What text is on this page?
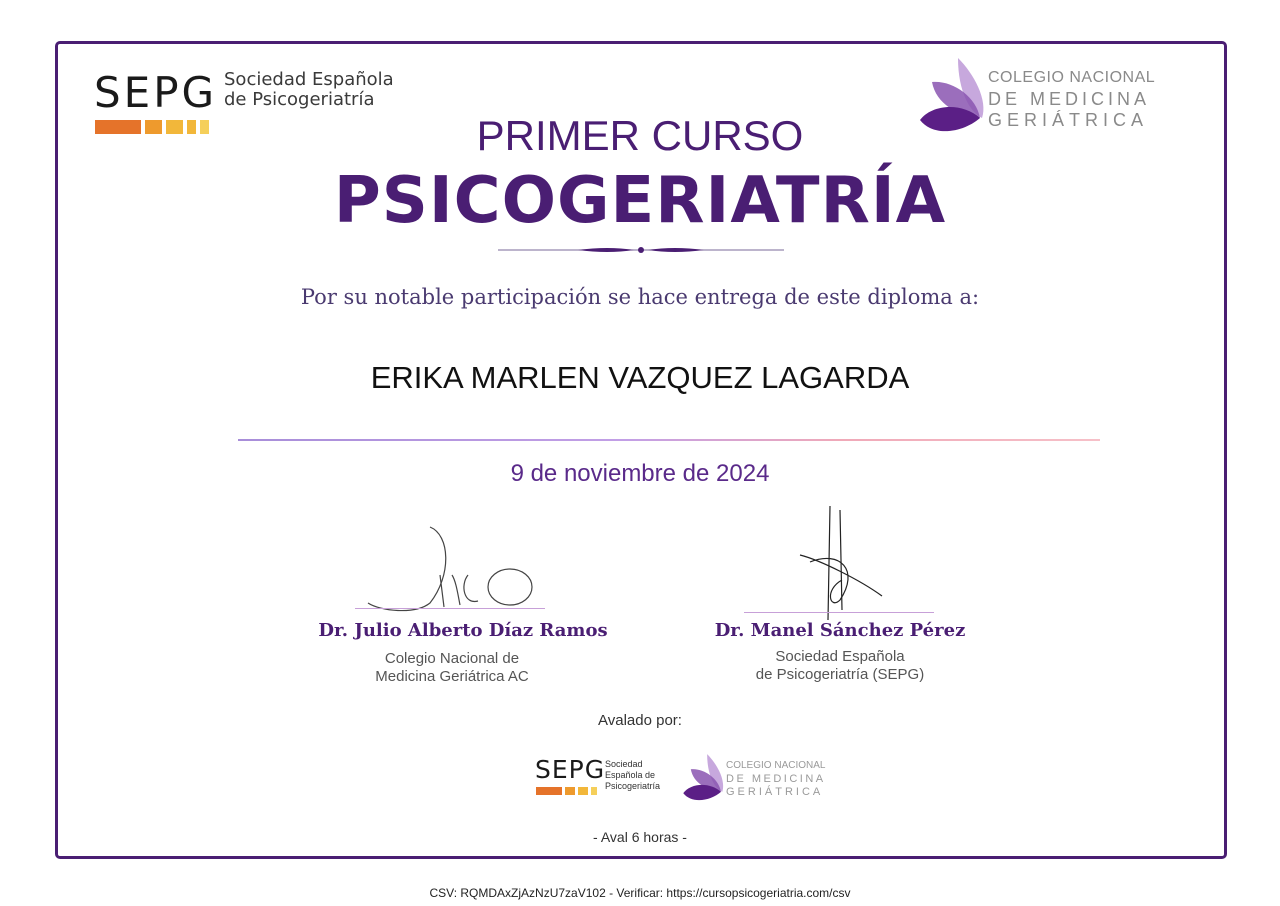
SEPG Sociedad Española
de Psicogeriatría
COLEGIO NACIONAL
DE MEDICINA
GERIÁTRICA
PRIMER CURSO
PSICOGERIATRÍA
Por su notable participación se hace entrega de este diploma a:
ERIKA MARLEN VAZQUEZ LAGARDA
9 de noviembre de 2024
Dr. Julio Alberto Díaz Ramos
Colegio Nacional de
Medicina Geriátrica AC
Dr. Manel Sánchez Pérez
Sociedad Española
de Psicogeriatría (SEPG)
Avalado por:
SEPG Sociedad
Española de
Psicogeriatría
COLEGIO NACIONAL
DE MEDICINA
GERIÁTRICA
- Aval 6 horas -
CSV: RQMDAxZjAzNzU7zaV102 - Verificar: https://cursopsicogeriatria.com/csv
